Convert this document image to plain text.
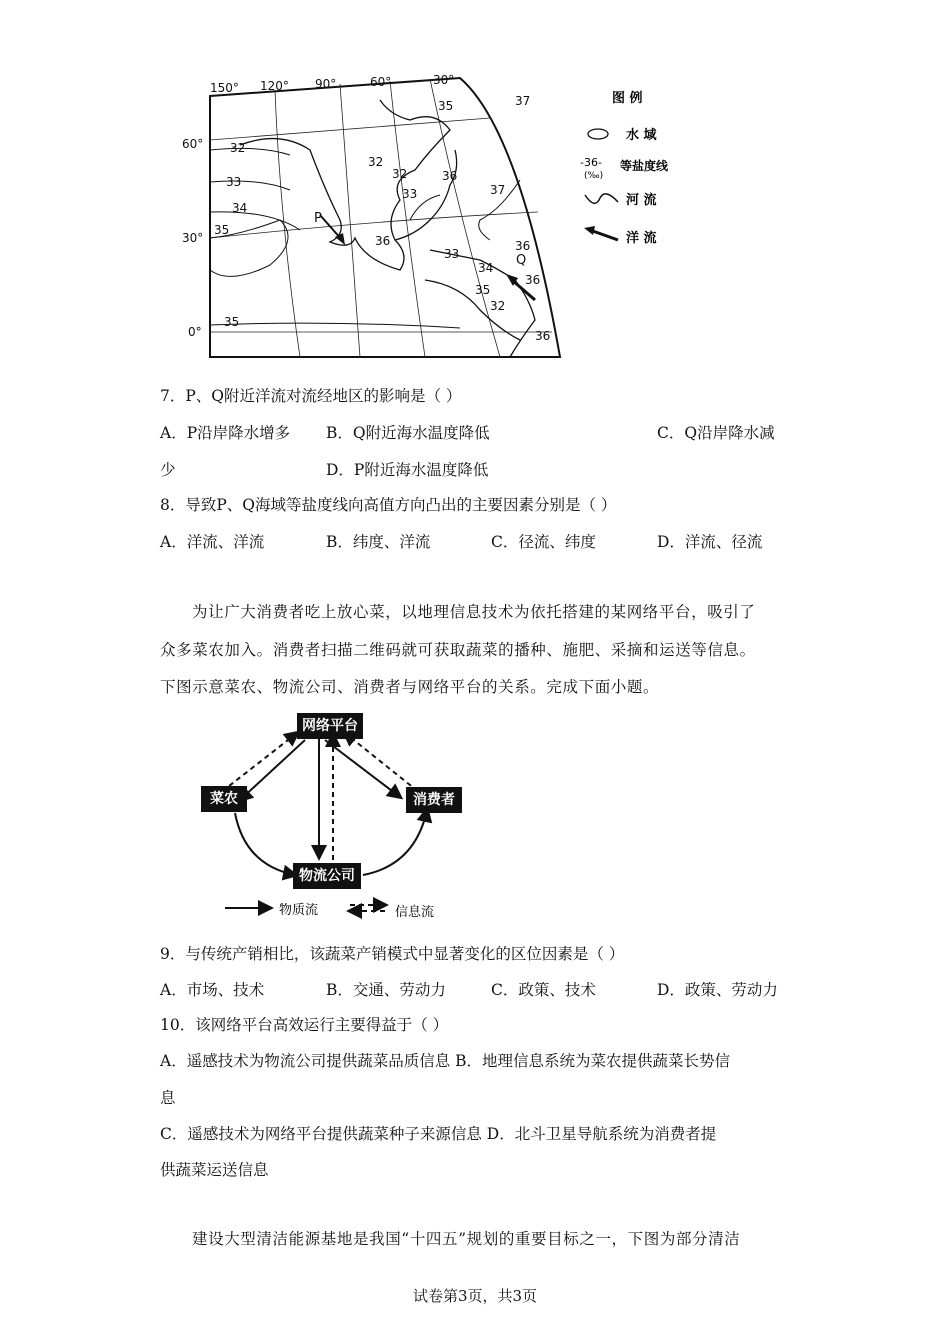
150° 120° 90°	60°	30°
60°
30°
0°
32
33
34
35
35
35
32
32
33
36
36
37
33
34
35
36
36
37
32
36
P
Q
图 例
水 域
-36-
(‰)
等盐度线
河 流
洋 流
7．P、Q附近洋流对流经地区的影响是（ ）
A．P沿岸降水增多 B．Q附近海水温度降低	C．Q沿岸降水减
少	D．P附近海水温度降低
8．导致P、Q海域等盐度线向高值方向凸出的主要因素分别是（ ）
A．洋流、洋流	B．纬度、洋流	C．径流、纬度	D．洋流、径流
为让广大消费者吃上放心菜，以地理信息技术为依托搭建的某网络平台，吸引了
众多菜农加入。消费者扫描二维码就可获取蔬菜的播种、施肥、采摘和运送等信息。
下图示意菜农、物流公司、消费者与网络平台的关系。完成下面小题。
物质流	信息流
网络平台
菜农	消费者
物流公司
9．与传统产销相比，该蔬菜产销模式中显著变化的区位因素是（ ）
A．市场、技术	B．交通、劳动力	C．政策、技术	D．政策、劳动力
10．该网络平台高效运行主要得益于（ ）
A．遥感技术为物流公司提供蔬菜品质信息 B．地理信息系统为菜农提供蔬菜长势信
息
C．遥感技术为网络平台提供蔬菜种子来源信息 D．北斗卫星导航系统为消费者提
供蔬菜运送信息
建设大型清洁能源基地是我国“十四五”规划的重要目标之一，下图为部分清洁
试卷第3页，共3页
